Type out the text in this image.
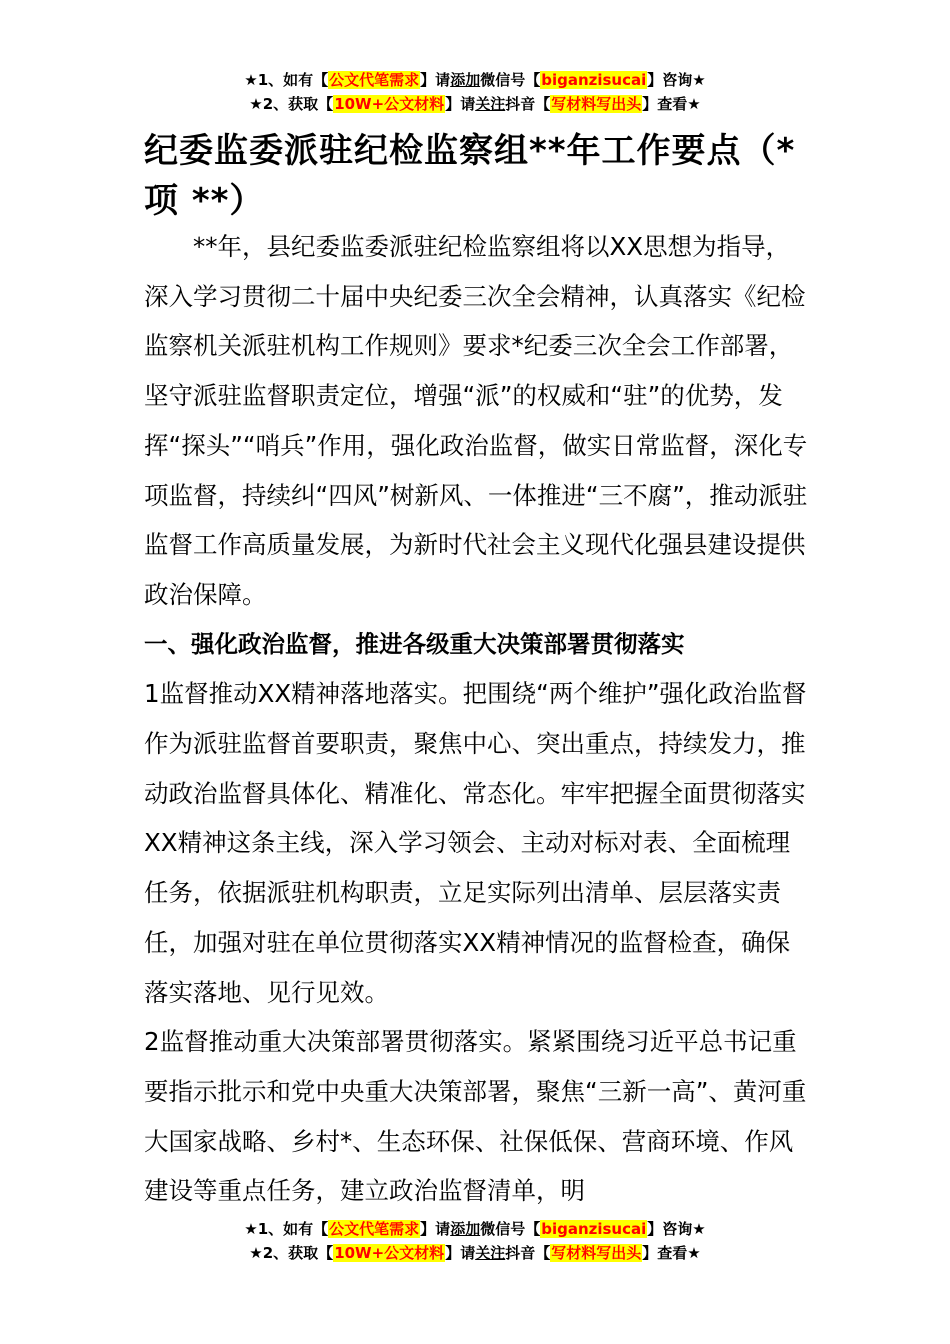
★1、如有【公文代笔需求】请添加微信号【biganzisucai】咨询★
★2、获取【10W+公文材料】请关注抖音【写材料写出头】查看★
纪委监委派驻纪检监察组**年工作要点（*项 **）

**年，县纪委监委派驻纪检监察组将以XX思想为指导，深入学习贯彻二十届中央纪委三次全会精神，认真落实《纪检监察机关派驻机构工作规则》要求*纪委三次全会工作部署，坚守派驻监督职责定位，增强“派”的权威和“驻”的优势，发挥“探头”“哨兵”作用，强化政治监督，做实日常监督，深化专项监督，持续纠“四风”树新风、一体推进“三不腐”，推动派驻监督工作高质量发展，为新时代社会主义现代化强县建设提供政治保障。

一、强化政治监督，推进各级重大决策部署贯彻落实

1监督推动XX精神落地落实。把围绕“两个维护”强化政治监督作为派驻监督首要职责，聚焦中心、突出重点，持续发力，推动政治监督具体化、精准化、常态化。牢牢把握全面贯彻落实XX精神这条主线，深入学习领会、主动对标对表、全面梳理任务，依据派驻机构职责，立足实际列出清单、层层落实责任，加强对驻在单位贯彻落实XX精神情况的监督检查，确保落实落地、见行见效。

2监督推动重大决策部署贯彻落实。紧紧围绕习近平总书记重要指示批示和党中央重大决策部署，聚焦“三新一高”、黄河重大国家战略、乡村*、生态环保、社保低保、营商环境、作风建设等重点任务，建立政治监督清单，明

★1、如有【公文代笔需求】请添加微信号【biganzisucai】咨询★
★2、获取【10W+公文材料】请关注抖音【写材料写出头】查看★
